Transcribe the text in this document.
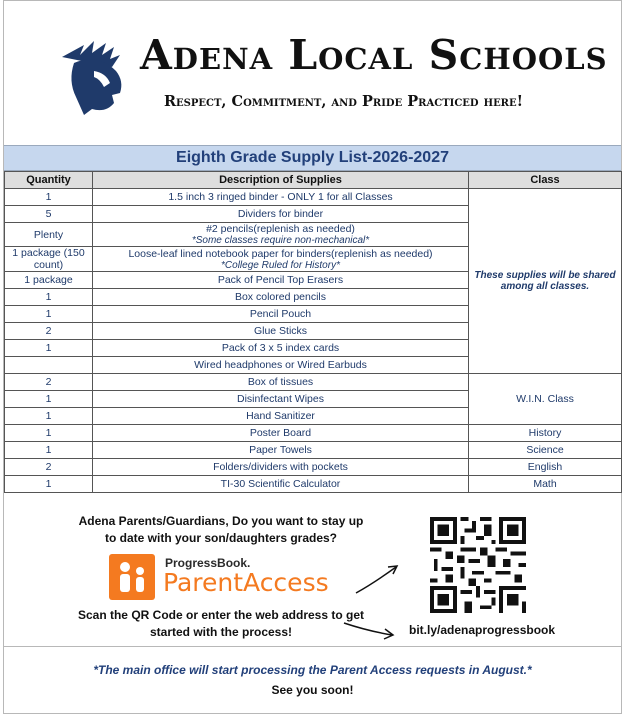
Adena Local Schools
Respect, Commitment, and Pride Practiced here!
Eighth Grade Supply List-2026-2027
Quantity	Description of Supplies	Class
1	1.5 inch 3 ringed binder - ONLY 1 for all Classes	These supplies will be shared among all classes.
5	Dividers for binder	
Plenty	#2 pencils(replenish as needed)
*Some classes require non-mechanical*	

1 package (150 count)	Loose-leaf lined notebook paper for binders(replenish as needed)
*College Ruled for History*	

1 package	Pack of Pencil Top Erasers	
1	Box colored pencils	
1	Pencil Pouch	
2	Glue Sticks	
1	Pack of 3 x 5 index cards	
	Wired headphones or Wired Earbuds	
2	Box of tissues	W.I.N. Class
1	Disinfectant Wipes	
1	Hand Sanitizer	
1	Poster Board	History
1	Paper Towels	Science
2	Folders/dividers with pockets	English
1	TI-30 Scientific Calculator	Math
Adena Parents/Guardians, Do you want to stay up to date with your son/daughters grades?
ProgressBook.
ParentAccess
Scan the QR Code or enter the web address to get started with the process!	bit.ly/adenaprogressbook
*The main office will start processing the Parent Access requests in August.*
See you soon!
